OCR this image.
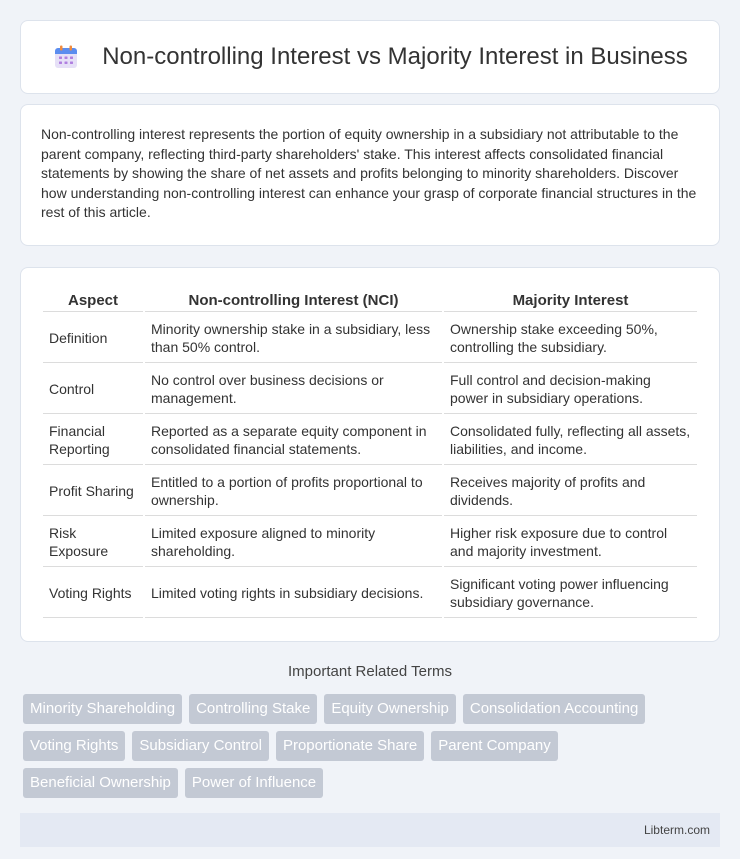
Non-controlling Interest vs Majority Interest in Business

Non-controlling interest represents the portion of equity ownership in a subsidiary not attributable to the parent company, reflecting third-party shareholders' stake. This interest affects consolidated financial statements by showing the share of net assets and profits belonging to minority shareholders. Discover how understanding non-controlling interest can enhance your grasp of corporate financial structures in the rest of this article.

Aspect	Non-controlling Interest (NCI)	Majority Interest
Definition	Minority ownership stake in a subsidiary, less than 50% control.	Ownership stake exceeding 50%, controlling the subsidiary.
Control	No control over business decisions or management.	Full control and decision-making power in subsidiary operations.
Financial Reporting	Reported as a separate equity component in consolidated financial statements.	Consolidated fully, reflecting all assets, liabilities, and income.
Profit Sharing	Entitled to a portion of profits proportional to ownership.	Receives majority of profits and dividends.
Risk Exposure	Limited exposure aligned to minority shareholding.	Higher risk exposure due to control and majority investment.
Voting Rights	Limited voting rights in subsidiary decisions.	Significant voting power influencing subsidiary governance.
Important Related Terms
Minority Shareholding	Controlling Stake	Equity Ownership	Consolidation Accounting
Voting Rights	Subsidiary Control	Proportionate Share	Parent Company
Beneficial Ownership	Power of Influence
Libterm.com
